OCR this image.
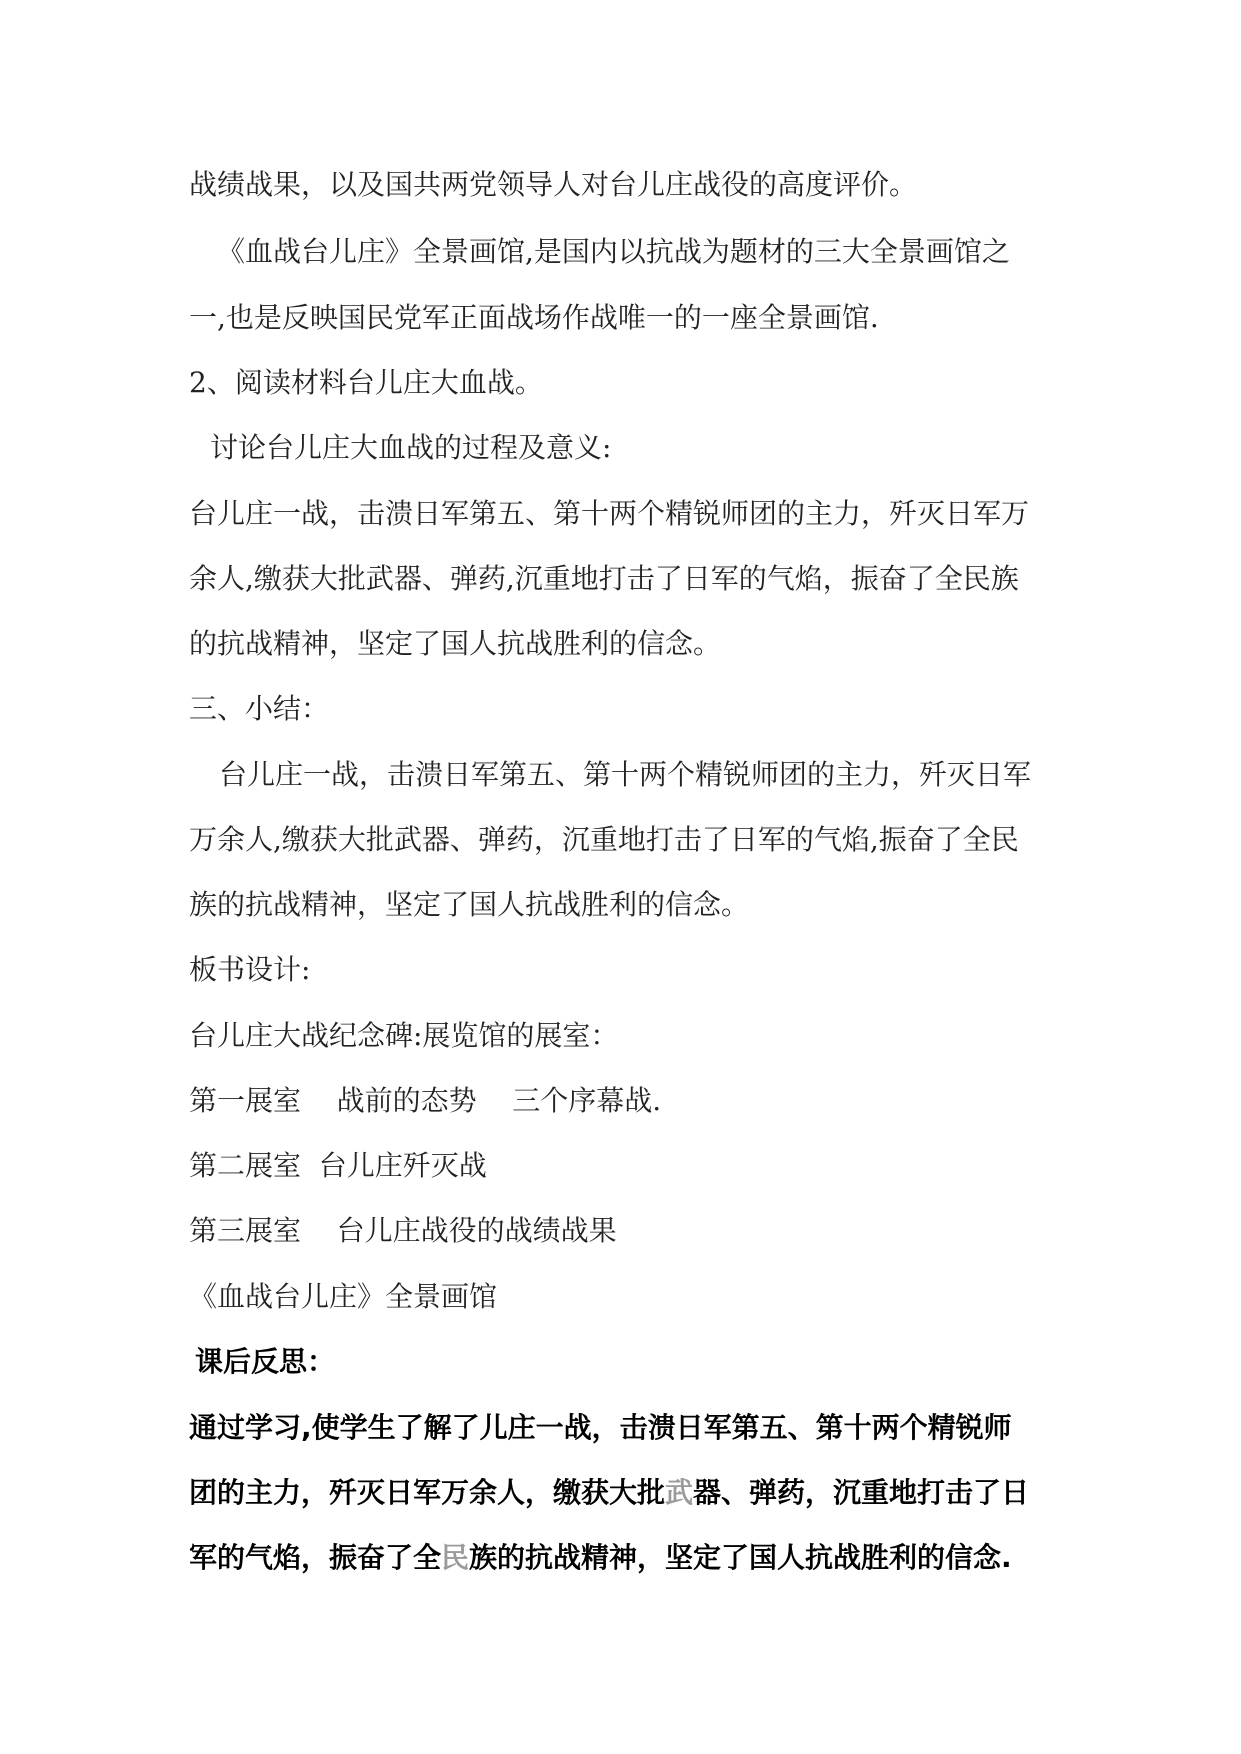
战绩战果，以及国共两党领导人对台儿庄战役的高度评价。
《血战台儿庄》全景画馆,是国内以抗战为题材的三大全景画馆之
一,也是反映国民党军正面战场作战唯一的一座全景画馆.
2、阅读材料台儿庄大血战。
讨论台儿庄大血战的过程及意义:
台儿庄一战，击溃日军第五、第十两个精锐师团的主力，歼灭日军万
余人,缴获大批武器、弹药,沉重地打击了日军的气焰，振奋了全民族
的抗战精神，坚定了国人抗战胜利的信念。
三、小结：
台儿庄一战，击溃日军第五、第十两个精锐师团的主力，歼灭日军
万余人,缴获大批武器、弹药，沉重地打击了日军的气焰,振奋了全民
族的抗战精神，坚定了国人抗战胜利的信念。
板书设计:
台儿庄大战纪念碑:展览馆的展室：
第一展室    战前的态势    三个序幕战.
第二展室  台儿庄歼灭战
第三展室    台儿庄战役的战绩战果
《血战台儿庄》全景画馆
课后反思：
通过学习,使学生了解了儿庄一战，击溃日军第五、第十两个精锐师
团的主力，歼灭日军万余人，缴获大批武器、弹药，沉重地打击了日
军的气焰，振奋了全民族的抗战精神，坚定了国人抗战胜利的信念.
